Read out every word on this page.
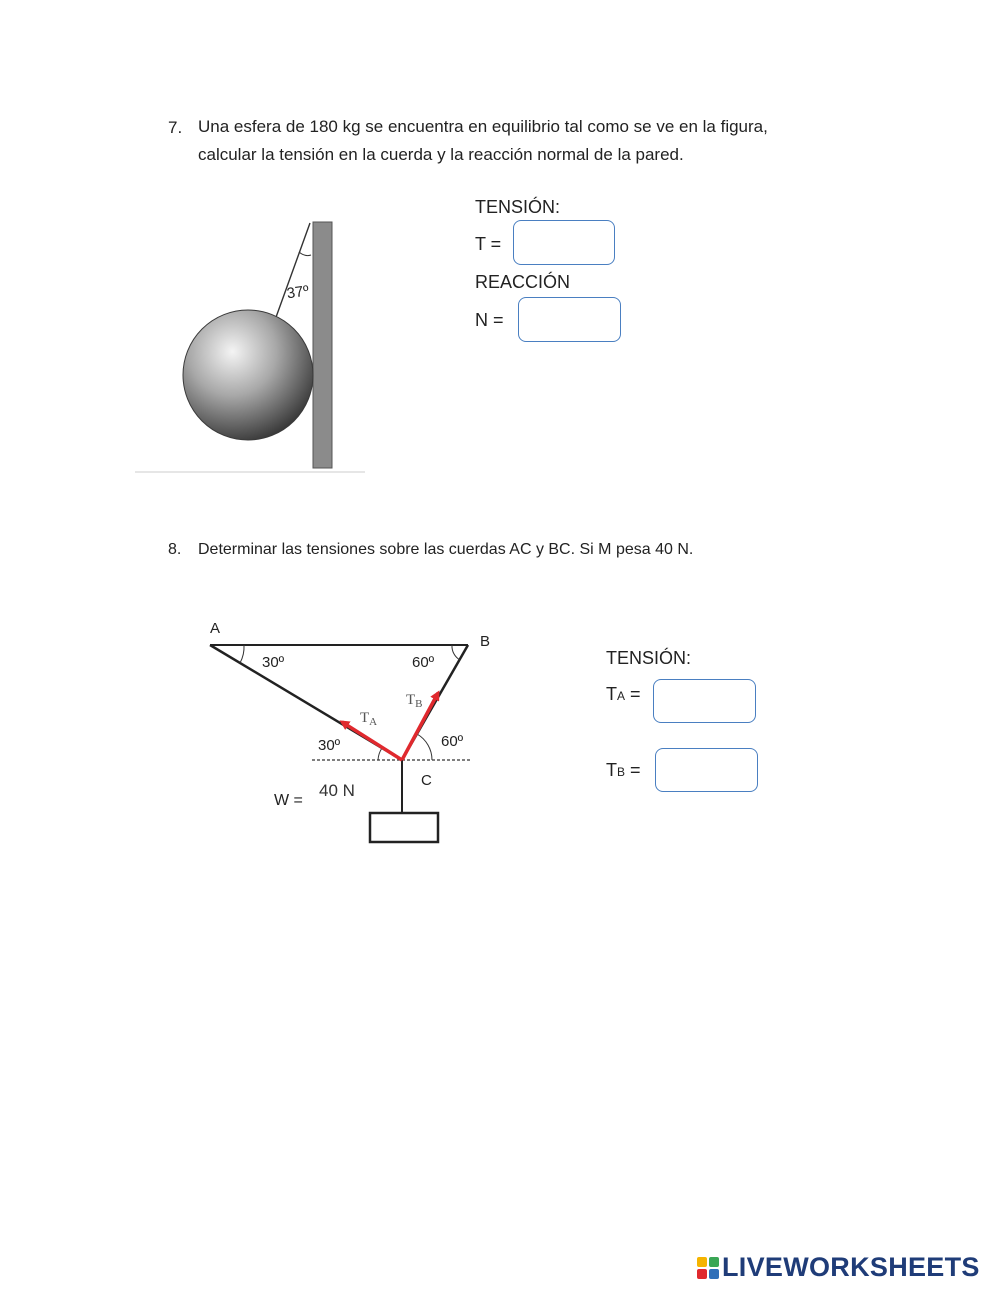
7. Una esfera de 180 kg se encuentra en equilibrio tal como se ve en la figura,
calcular la tensión en la cuerda y la reacción normal de la pared.
37º
TENSIÓN:
T =
REACCIÓN
N =
8. Determinar las tensiones sobre las cuerdas AC y BC. Si M pesa 40 N.
A
B
C
30º	60º
30º	60º
$T_A$
$T_B$
W =
40 N
TENSIÓN:
TA =
TB =
LIVEWORKSHEETS
